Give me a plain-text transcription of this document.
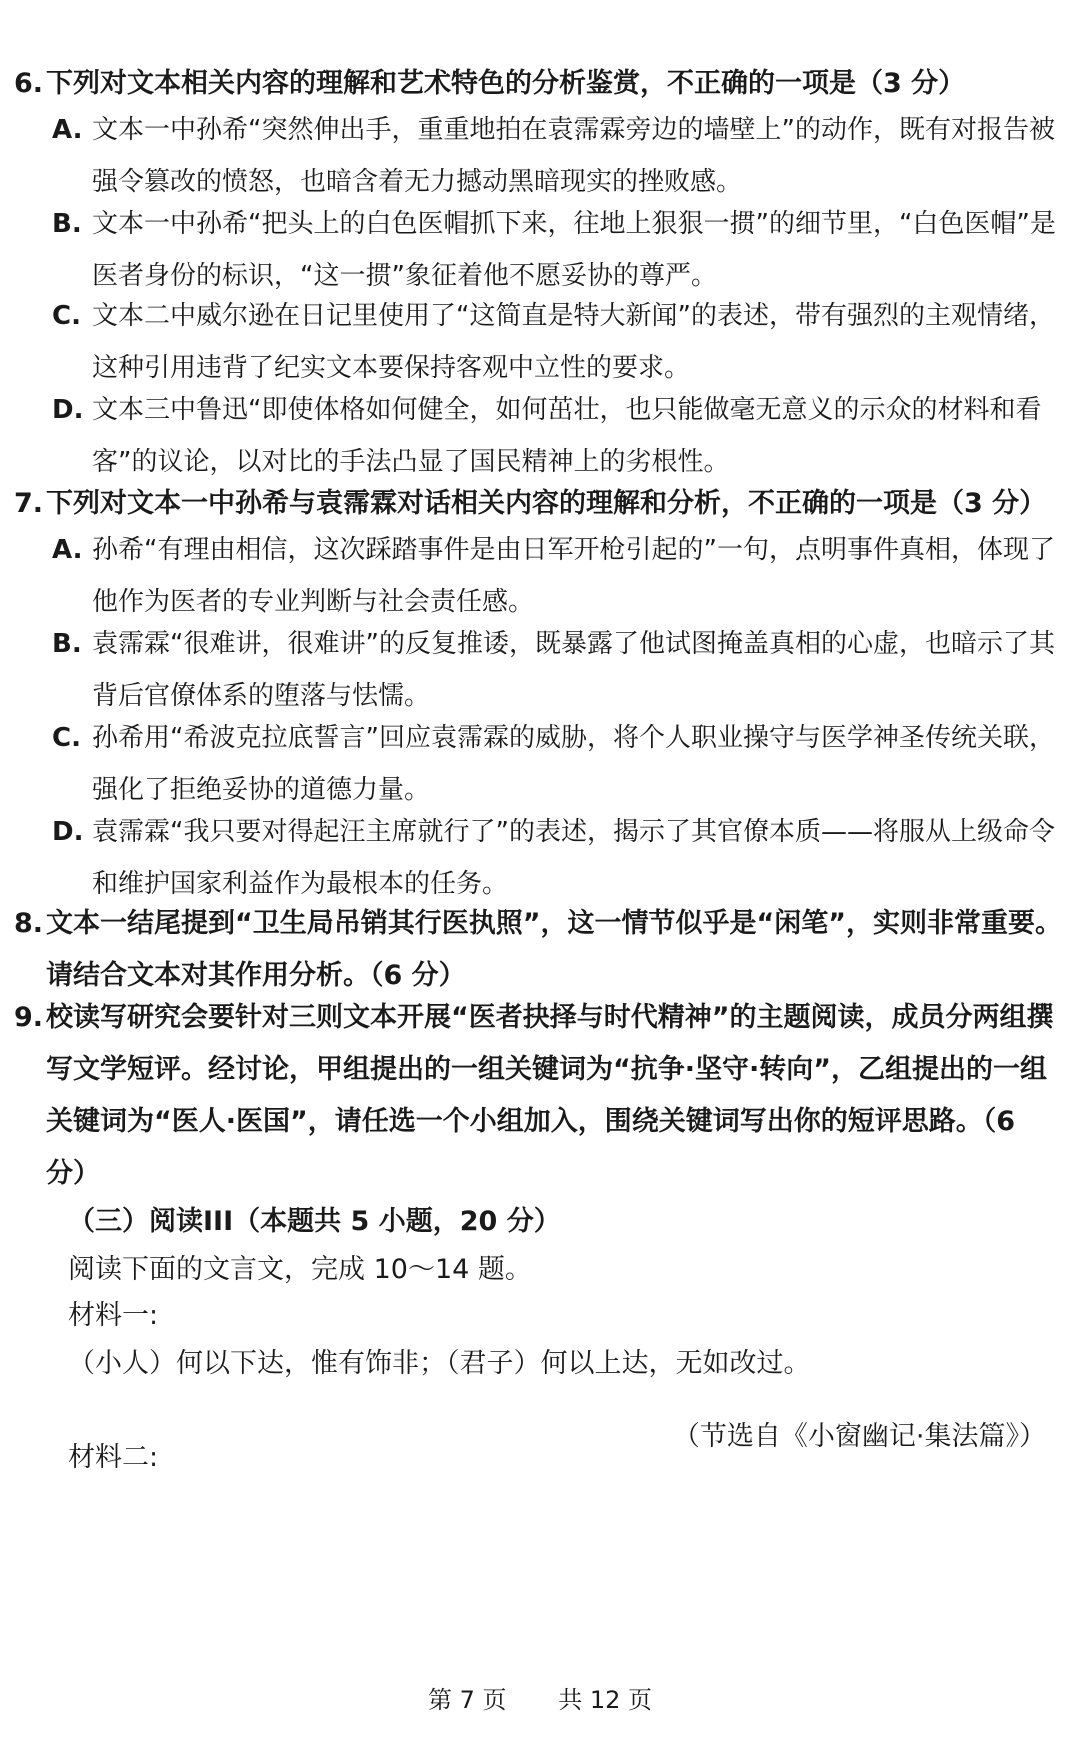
6. 下列对文本相关内容的理解和艺术特色的分析鉴赏，不正确的一项是（3 分）

A. 文本一中孙希“突然伸出手，重重地拍在袁霈霖旁边的墙壁上”的动作，既有对报告被强令篡改的愤怒，也暗含着无力撼动黑暗现实的挫败感。

B. 文本一中孙希“把头上的白色医帽抓下来，往地上狠狠一掼”的细节里，“白色医帽”是医者身份的标识，“这一掼”象征着他不愿妥协的尊严。

C. 文本二中威尔逊在日记里使用了“这简直是特大新闻”的表述，带有强烈的主观情绪，这种引用违背了纪实文本要保持客观中立性的要求。

D. 文本三中鲁迅“即使体格如何健全，如何茁壮，也只能做毫无意义的示众的材料和看客”的议论，以对比的手法凸显了国民精神上的劣根性。

7. 下列对文本一中孙希与袁霈霖对话相关内容的理解和分析，不正确的一项是（3 分）

A. 孙希“有理由相信，这次踩踏事件是由日军开枪引起的”一句，点明事件真相，体现了他作为医者的专业判断与社会责任感。

B. 袁霈霖“很难讲，很难讲”的反复推诿，既暴露了他试图掩盖真相的心虚，也暗示了其背后官僚体系的堕落与怯懦。

C. 孙希用“希波克拉底誓言”回应袁霈霖的威胁，将个人职业操守与医学神圣传统关联，强化了拒绝妥协的道德力量。

D. 袁霈霖“我只要对得起汪主席就行了”的表述，揭示了其官僚本质——将服从上级命令和维护国家利益作为最根本的任务。

8. 文本一结尾提到“卫生局吊销其行医执照”，这一情节似乎是“闲笔”，实则非常重要。请结合文本对其作用分析。（6 分）

9. 校读写研究会要针对三则文本开展“医者抉择与时代精神”的主题阅读，成员分两组撰写文学短评。经讨论，甲组提出的一组关键词为“抗争·坚守·转向”，乙组提出的一组关键词为“医人·医国”，请任选一个小组加入，围绕关键词写出你的短评思路。（6 分）

（三）阅读III（本题共 5 小题，20 分）

阅读下面的文言文，完成 10～14 题。

材料一:

（小人）何以下达，惟有饰非；（君子）何以上达，无如改过。

（节选自《小窗幽记·集法篇》）

材料二:

第 7 页 共 12 页
